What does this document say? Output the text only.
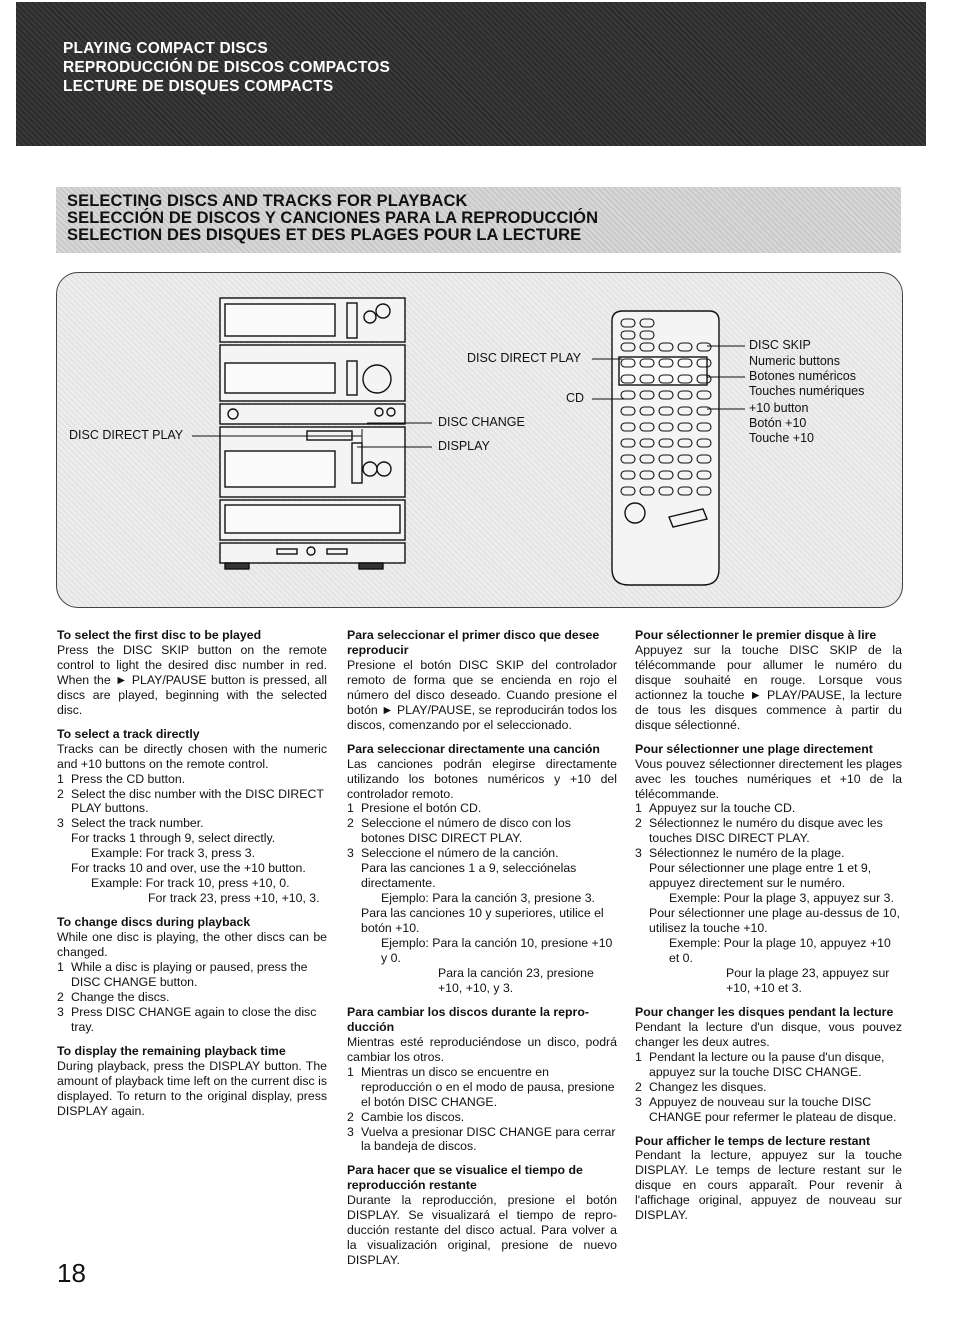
PLAYING COMPACT DISCS
REPRODUCCIÓN DE DISCOS COMPACTOS
LECTURE DE DISQUES COMPACTS
SELECTING DISCS AND TRACKS FOR PLAYBACK
SELECCIÓN DE DISCOS Y CANCIONES PARA LA REPRODUCCIÓN
SELECTION DES DISQUES ET DES PLAGES POUR LA LECTURE
DISC DIRECT PLAY
DISC CHANGE
DISPLAY
DISC DIRECT PLAY
CD
DISC SKIP
Numeric buttons
Botones numéricos
Touches numériques
+10 button
Botón +10
Touche +10
To select the first disc to be played

Press the DISC SKIP button on the remote control to light the desired disc number in red. When the ► PLAY/PAUSE button is pressed, all discs are played, beginning with the selected disc.

To select a track directly

Tracks can be directly chosen with the numeric and +10 buttons on the remote control.

1 Press the CD button.
2 Select the disc number with the DISC DIRECT PLAY buttons.
3 Select the track number.
For tracks 1 through 9, select directly.
Example: For track 3, press 3.
For tracks 10 and over, use the +10 button.
Example: For track 10, press +10, 0.
For track 23, press +10, +10, 3.
To change discs during playback

While one disc is playing, the other discs can be changed.

1 While a disc is playing or paused, press the DISC CHANGE button.
2 Change the discs.
3 Press DISC CHANGE again to close the disc tray.
To display the remaining playback time

During playback, press the DISPLAY button. The amount of playback time left on the current disc is displayed. To return to the original display, press DISPLAY again.

Para seleccionar el primer disco que desee reproducir

Presione el botón DISC SKIP del controlador remoto de forma que se encienda en rojo el número del disco deseado. Cuando presione el botón ► PLAY/PAUSE, se reproducirán todos los discos, comenzando por el seleccionado.

Para seleccionar directamente una canción

Las canciones podrán elegirse directamente utilizando los botones numéricos y +10 del controlador remoto.

1 Presione el botón CD.
2 Seleccione el número de disco con los botones DISC DIRECT PLAY.
3 Seleccione el número de la canción.
Para las canciones 1 a 9, selecciónelas directamente.
Ejemplo: Para la canción 3, presione 3.
Para las canciones 10 y superiores, utilice el botón +10.
Ejemplo: Para la canción 10, presione +10 y 0.
Para la canción 23, presione +10, +10, y 3.
Para cambiar los discos durante la repro-ducción

Mientras esté reproduciéndose un disco, podrá cambiar los otros.

1 Mientras un disco se encuentre en reproducción o en el modo de pausa, presione el botón DISC CHANGE.
2 Cambie los discos.
3 Vuelva a presionar DISC CHANGE para cerrar la bandeja de discos.
Para hacer que se visualice el tiempo de reproducción restante

Durante la reproducción, presione el botón DISPLAY. Se visualizará el tiempo de repro-ducción restante del disco actual. Para volver a la visualización original, presione de nuevo DISPLAY.

Pour sélectionner le premier disque à lire

Appuyez sur la touche DISC SKIP de la télécommande pour allumer le numéro du disque souhaité en rouge. Lorsque vous actionnez la touche ► PLAY/PAUSE, la lecture de tous les disques commence à partir du disque sélectionné.

Pour sélectionner une plage directement

Vous pouvez sélectionner directement les plages avec les touches numériques et +10 de la télécommande.

1 Appuyez sur la touche CD.
2 Sélectionnez le numéro du disque avec les touches DISC DIRECT PLAY.
3 Sélectionnez le numéro de la plage.
Pour sélectionner une plage entre 1 et 9, appuyez directement sur le numéro.
Exemple: Pour la plage 3, appuyez sur 3.
Pour sélectionner une plage au-dessus de 10, utilisez la touche +10.
Exemple: Pour la plage 10, appuyez +10 et 0.
Pour la plage 23, appuyez sur +10, +10 et 3.
Pour changer les disques pendant la lecture

Pendant la lecture d'un disque, vous pouvez changer les deux autres.

1 Pendant la lecture ou la pause d'un disque, appuyez sur la touche DISC CHANGE.
2 Changez les disques.
3 Appuyez de nouveau sur la touche DISC CHANGE pour refermer le plateau de disque.
Pour afficher le temps de lecture restant

Pendant la lecture, appuyez sur la touche DISPLAY. Le temps de lecture restant sur le disque en cours apparaît. Pour revenir à l'affichage original, appuyez de nouveau sur DISPLAY.

18
